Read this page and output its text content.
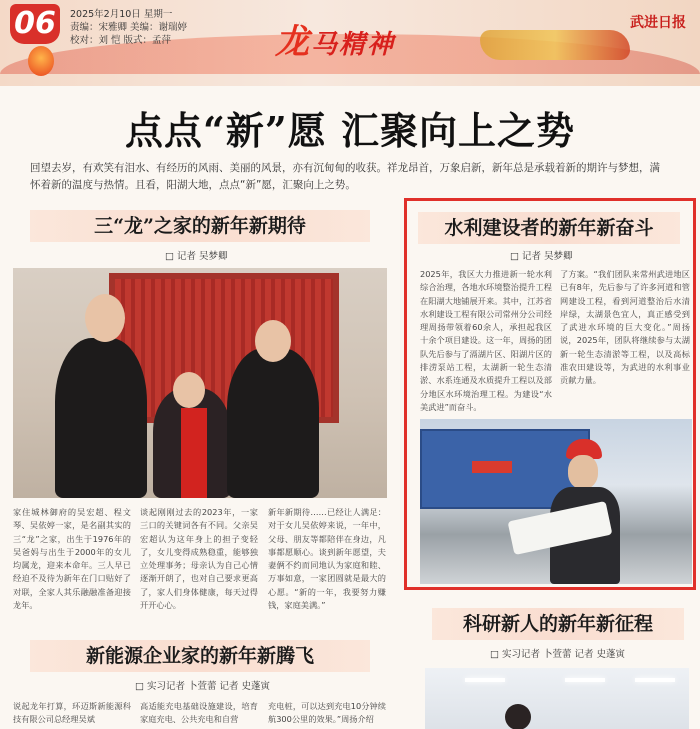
06	2025年2月10日 星期一
责编：宋雅卿 美编：谢瑞婷
校对：刘 恺 版式：孟萍	龙马精神
武进日报
点点“新”愿 汇聚向上之势
回望去岁，有欢笑有泪水、有经历的风雨、美丽的风景，亦有沉甸甸的收获。祥龙昂首，万象启新，新年总是承载着新的期许与梦想，满怀着新的温度与热情。且看，阳湖大地，点点“新”愿，汇聚向上之势。
三“龙”之家的新年新期待
□ 记者 吴梦卿
家住城林御府的吴宏超、程文琴、吴依婷一家，是名副其实的三“龙”之家，出生于1976年的吴爸妈与出生于2000年的女儿均属龙，迎来本命年。三人早已经迫不及待为新年在门口贴好了对联，全家人其乐融融准备迎接龙年。
谈起刚刚过去的2023年，一家三口的关键词各有不同。父亲吴宏超认为这年身上的担子变轻了，女儿变得成熟稳重，能够独立处理事务；母亲认为自己心情逐渐开朗了，也对自己要求更高了，家人们身体健康，每天过得开开心心。
新年新期待……已经让人满足：对于女儿吴依婷来说，一年中，父母、朋友等都陪伴在身边，凡事都愿顺心。谈到新年愿望，夫妻俩不约而同地认为家庭和睦、万事如意，一家团圆就是最大的心愿。“新的一年，我要努力赚钱，家庭美满。”
水利建设者的新年新奋斗
□ 记者 吴梦卿
2025年，我区大力推进新一轮水利综合治理，各地水环境整治提升工程在阳湖大地铺展开来。其中，江苏省水利建设工程有限公司常州分公司经理周扬带领着60余人，承担起我区十余个项目建设。这一年，周扬的团队先后参与了滆湖片区、阳湖片区的排涝泵站工程，太湖新一轮生态清淤、水系连通及水质提升工程以及部分地区水环境治理工程。为建设“水美武进”而奋斗。
了方案。“我们团队来常州武进地区已有8年，先后参与了许多河道和管网建设工程，看到河道整治后水清岸绿，太湖景色宜人，真正感受到了武进水环境的巨大变化。”周扬说，2025年，团队将继续参与太湖新一轮生态清淤等工程，以及高标准农田建设等，为武进的水利事业贡献力量。
新能源企业家的新年新腾飞
□ 实习记者 卜萱蕾 记者 史蓬寅
说起龙年打算，环迈斯新能源科技有限公司总经理吴斌
高适能充电基础设施建设，培育家庭充电、公共充电和自营
充电桩，可以达到充电10分钟续航300公里的效果。”周扬介绍
科研新人的新年新征程
□ 实习记者 卜萱蕾 记者 史蓬寅
